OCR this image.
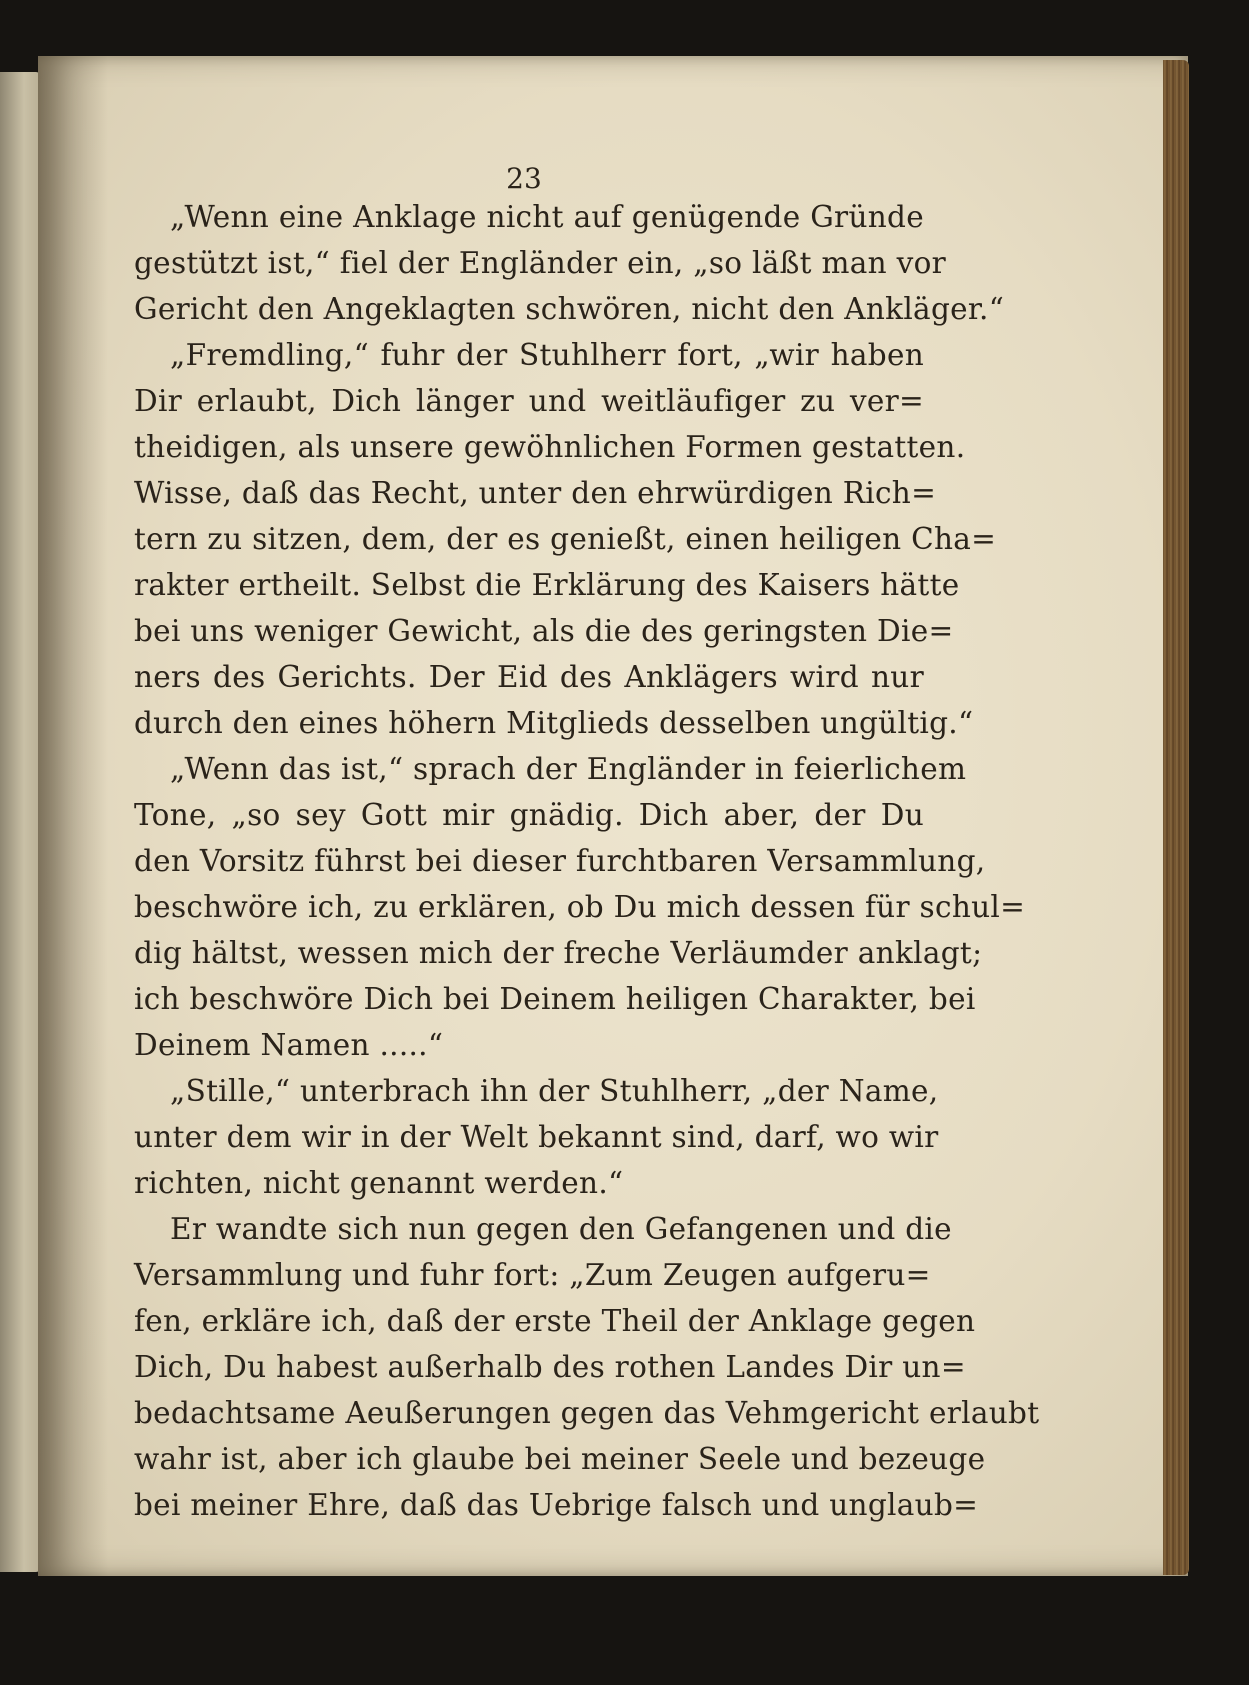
23
„Wenn eine Anklage nicht auf genügende Gründe
gestützt ist,“ fiel der Engländer ein, „so läßt man vor
Gericht den Angeklagten schwören, nicht den Ankläger.“
„Fremdling,“ fuhr der Stuhlherr fort, „wir haben
Dir erlaubt, Dich länger und weitläufiger zu ver=
theidigen, als unsere gewöhnlichen Formen gestatten.
Wisse, daß das Recht, unter den ehrwürdigen Rich=
tern zu sitzen, dem, der es genießt, einen heiligen Cha=
rakter ertheilt. Selbst die Erklärung des Kaisers hätte
bei uns weniger Gewicht, als die des geringsten Die=
ners des Gerichts. Der Eid des Anklägers wird nur
durch den eines höhern Mitglieds desselben ungültig.“
„Wenn das ist,“ sprach der Engländer in feierlichem
Tone, „so sey Gott mir gnädig. Dich aber, der Du
den Vorsitz führst bei dieser furchtbaren Versammlung,
beschwöre ich, zu erklären, ob Du mich dessen für schul=
dig hältst, wessen mich der freche Verläumder anklagt;
ich beschwöre Dich bei Deinem heiligen Charakter, bei
Deinem Namen .....“
„Stille,“ unterbrach ihn der Stuhlherr, „der Name,
unter dem wir in der Welt bekannt sind, darf, wo wir
richten, nicht genannt werden.“
Er wandte sich nun gegen den Gefangenen und die
Versammlung und fuhr fort: „Zum Zeugen aufgeru=
fen, erkläre ich, daß der erste Theil der Anklage gegen
Dich, Du habest außerhalb des rothen Landes Dir un=
bedachtsame Aeußerungen gegen das Vehmgericht erlaubt
wahr ist, aber ich glaube bei meiner Seele und bezeuge
bei meiner Ehre, daß das Uebrige falsch und unglaub=
